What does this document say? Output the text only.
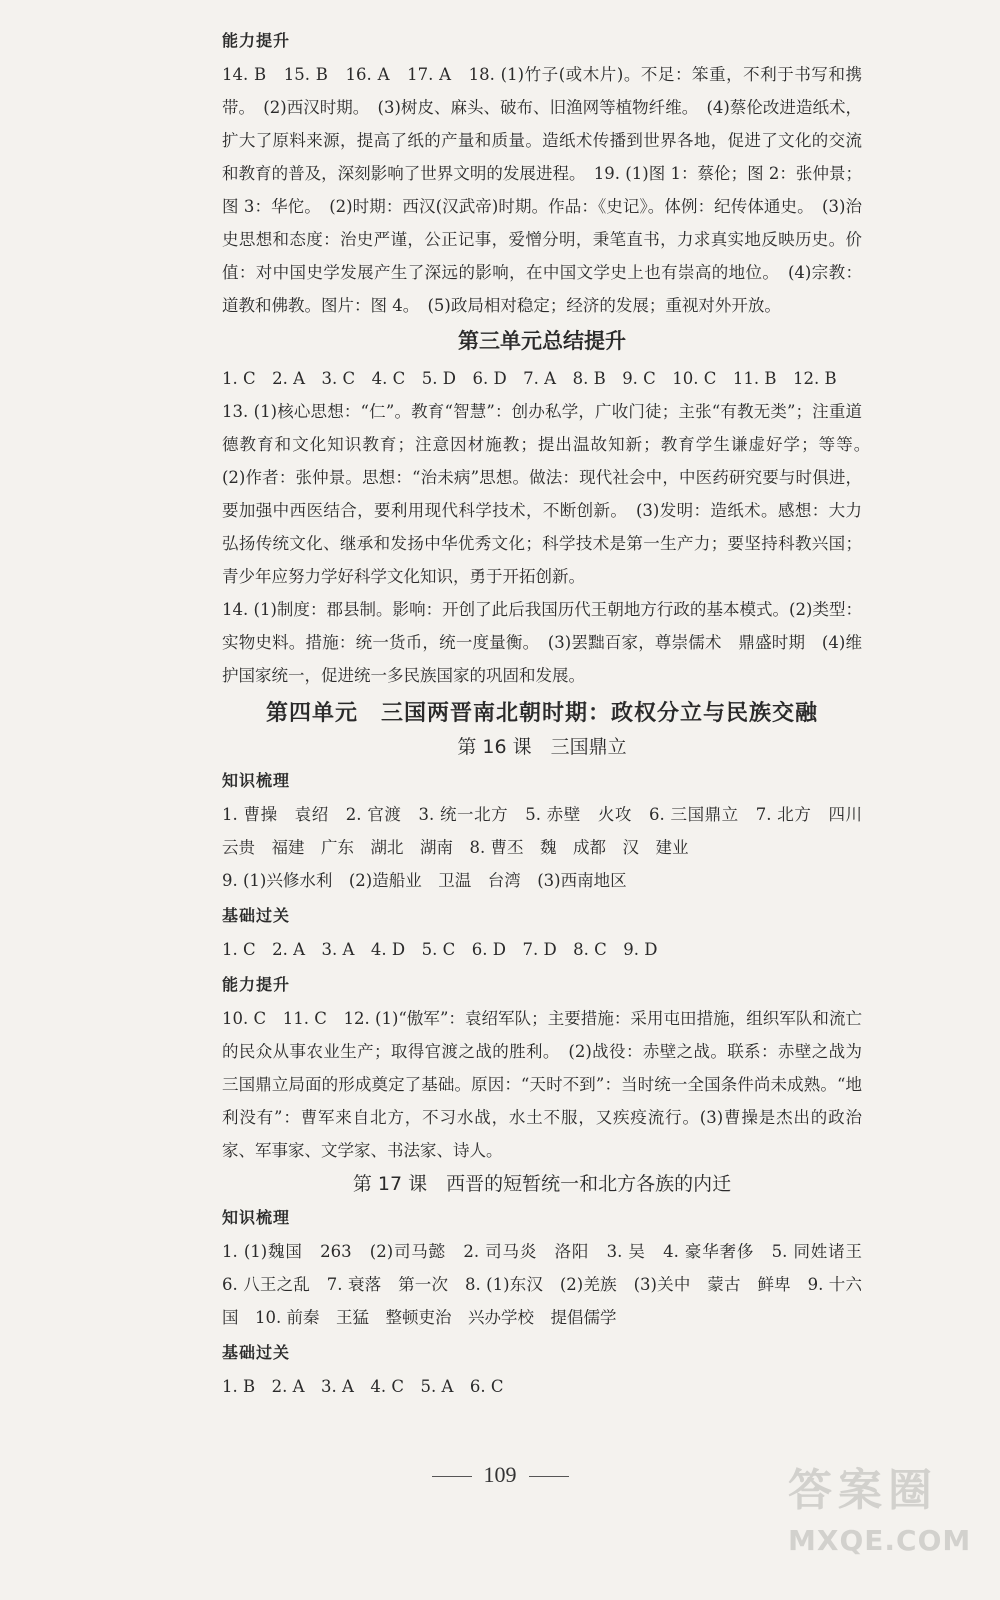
能力提升
14. B　15. B　16. A　17. A　18. (1)竹子(或木片)。不足：笨重，不利于书写和携带。　(2)西汉时期。　(3)树皮、麻头、破布、旧渔网等植物纤维。　(4)蔡伦改进造纸术，扩大了原料来源，提高了纸的产量和质量。造纸术传播到世界各地，促进了文化的交流和教育的普及，深刻影响了世界文明的发展进程。　19. (1)图 1：蔡伦；图 2：张仲景；图 3：华佗。　(2)时期：西汉(汉武帝)时期。作品：《史记》。体例：纪传体通史。　(3)治史思想和态度：治史严谨，公正记事，爱憎分明，秉笔直书，力求真实地反映历史。价值：对中国史学发展产生了深远的影响，在中国文学史上也有崇高的地位。　(4)宗教：道教和佛教。图片：图 4。　(5)政局相对稳定；经济的发展；重视对外开放。
第三单元总结提升
1. C　2. A　3. C　4. C　5. D　6. D　7. A　8. B　9. C　10. C　11. B　12. B
13. (1)核心思想：“仁”。教育“智慧”：创办私学，广收门徒；主张“有教无类”；注重道德教育和文化知识教育；注意因材施教；提出温故知新；教育学生谦虚好学；等等。　(2)作者：张仲景。思想：“治未病”思想。做法：现代社会中，中医药研究要与时俱进，要加强中西医结合，要利用现代科学技术，不断创新。　(3)发明：造纸术。感想：大力弘扬传统文化、继承和发扬中华优秀文化；科学技术是第一生产力；要坚持科教兴国；青少年应努力学好科学文化知识，勇于开拓创新。
14. (1)制度：郡县制。影响：开创了此后我国历代王朝地方行政的基本模式。(2)类型：实物史料。措施：统一货币，统一度量衡。　(3)罢黜百家，尊崇儒术　鼎盛时期　(4)维护国家统一，促进统一多民族国家的巩固和发展。
第四单元　三国两晋南北朝时期：政权分立与民族交融
第 16 课　三国鼎立
知识梳理
1. 曹操　袁绍　2. 官渡　3. 统一北方　5. 赤壁　火攻　6. 三国鼎立　7. 北方　四川　云贵　福建　广东　湖北　湖南　8. 曹丕　魏　成都　汉　建业
9. (1)兴修水利　(2)造船业　卫温　台湾　(3)西南地区
基础过关
1. C　2. A　3. A　4. D　5. C　6. D　7. D　8. C　9. D
能力提升
10. C　11. C　12. (1)“傲军”：袁绍军队；主要措施：采用屯田措施，组织军队和流亡的民众从事农业生产；取得官渡之战的胜利。　(2)战役：赤壁之战。联系：赤壁之战为三国鼎立局面的形成奠定了基础。原因：“天时不到”：当时统一全国条件尚未成熟。“地利没有”：曹军来自北方，不习水战，水土不服，又疾疫流行。(3)曹操是杰出的政治家、军事家、文学家、书法家、诗人。
第 17 课　西晋的短暂统一和北方各族的内迁
知识梳理
1. (1)魏国　263　(2)司马懿　2. 司马炎　洛阳　3. 吴　4. 豪华奢侈　5. 同姓诸王　6. 八王之乱　7. 衰落　第一次　8. (1)东汉　(2)羌族　(3)关中　蒙古　鲜卑　9. 十六国　10. 前秦　王猛　整顿吏治　兴办学校　提倡儒学
基础过关
1. B　2. A　3. A　4. C　5. A　6. C
109	答案圈
MXQE.COM
